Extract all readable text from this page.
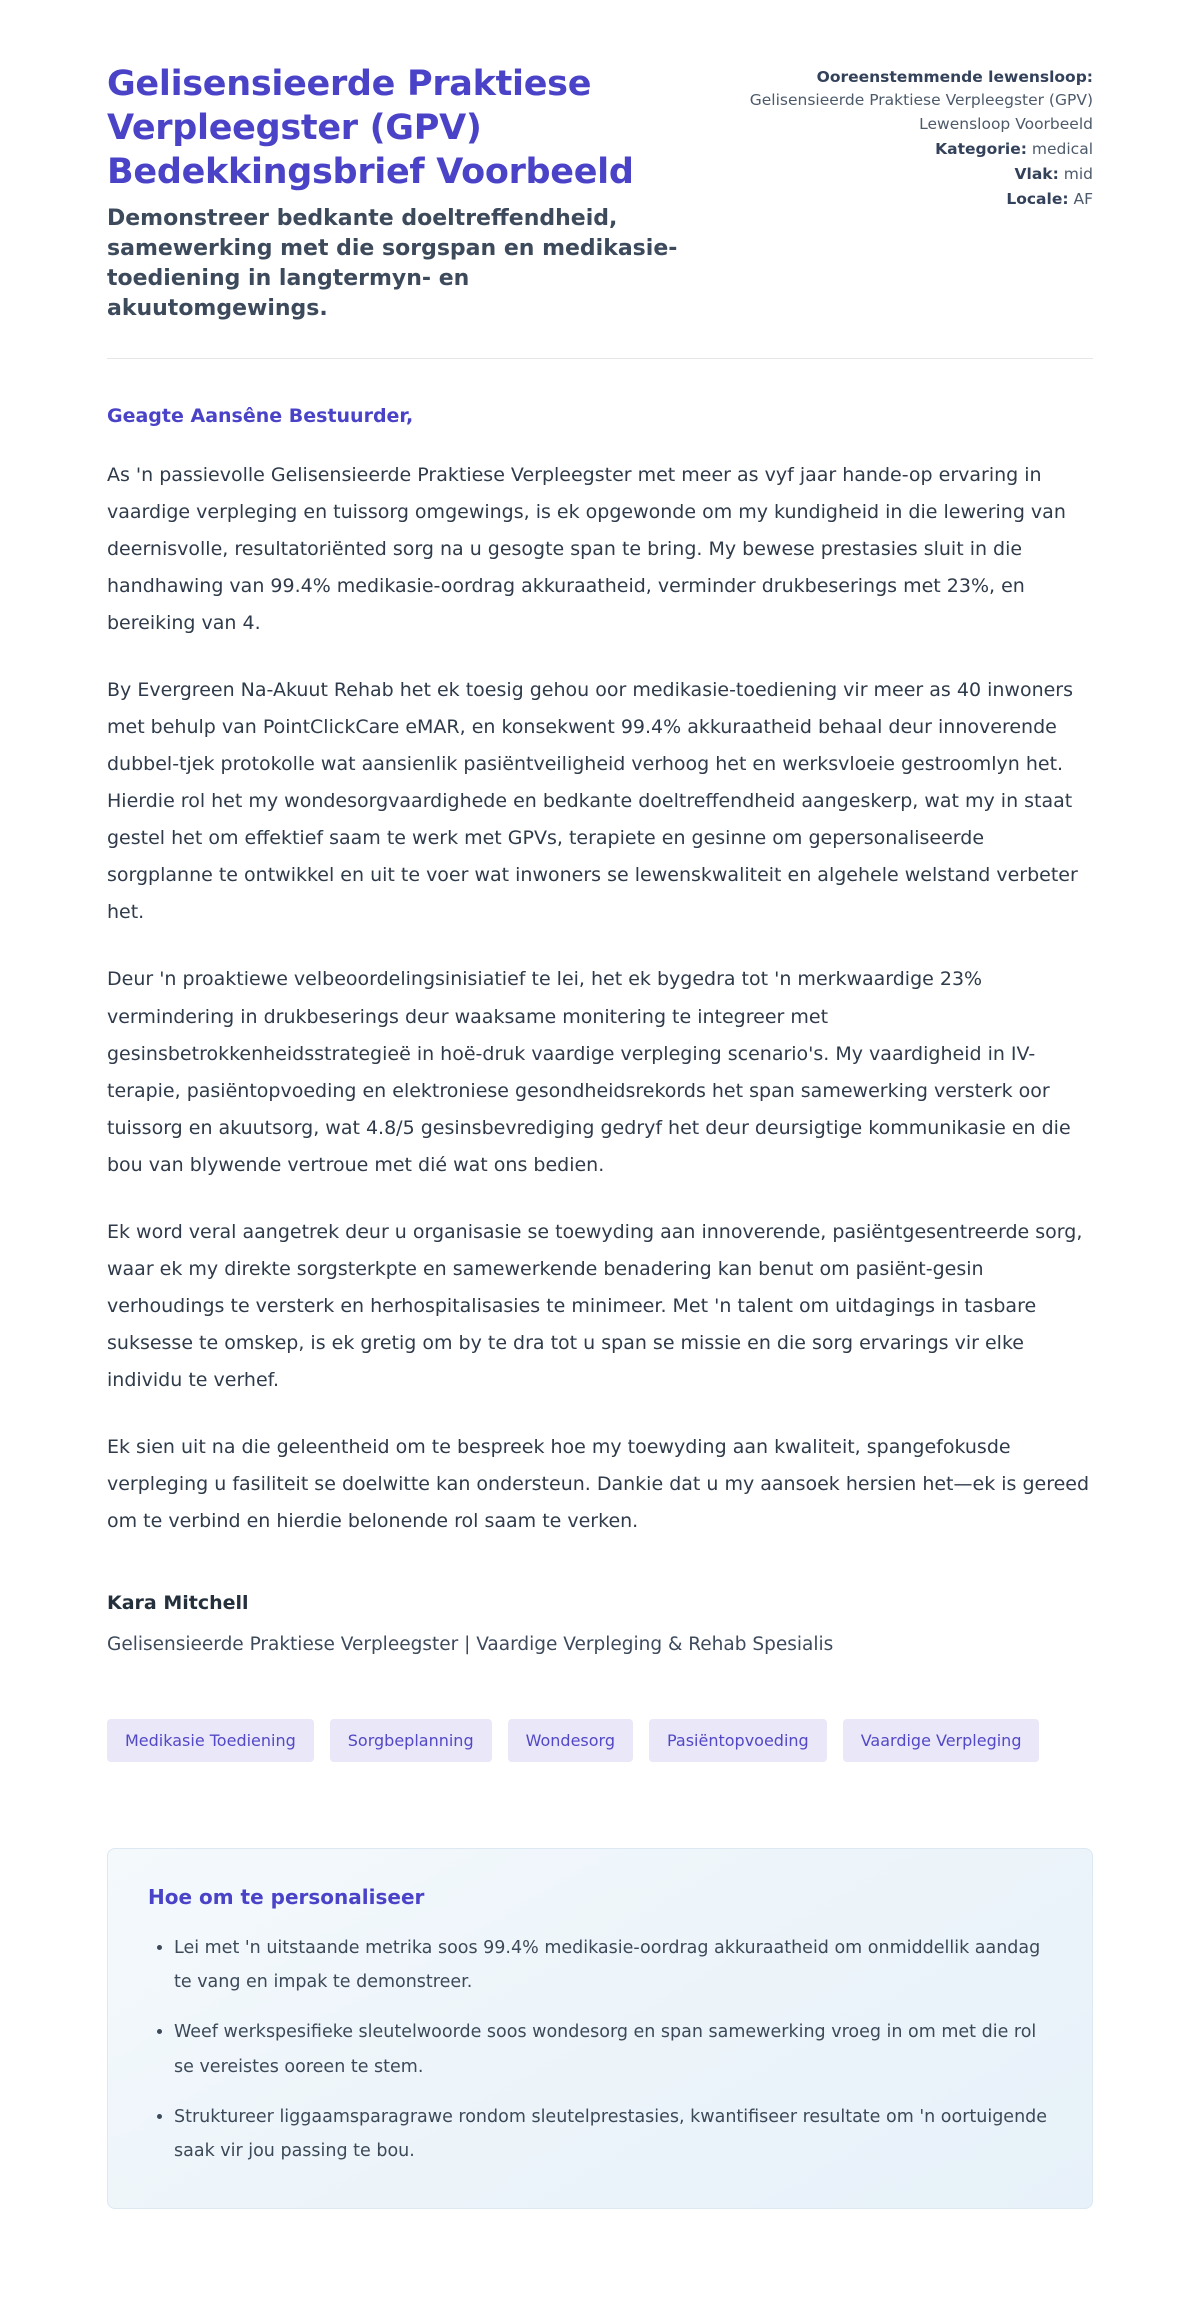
Gelisensieerde Praktiese Verpleegster (GPV) Bedekkingsbrief Voorbeeld

Demonstreer bedkante doeltreffendheid, samewerking met die sorgspan en medikasie-toediening in langtermyn- en akuutomgewings.

Ooreenstemmende lewensloop: Gelisensieerde Praktiese Verpleegster (GPV) Lewensloop Voorbeeld
Kategorie: medical
Vlak: mid
Locale: AF

Geagte Aansêne Bestuurder,

As 'n passievolle Gelisensieerde Praktiese Verpleegster met meer as vyf jaar hande-op ervaring in vaardige verpleging en tuissorg omgewings, is ek opgewonde om my kundigheid in die lewering van deernisvolle, resultatoriënted sorg na u gesogte span te bring. My bewese prestasies sluit in die handhawing van 99.4% medikasie-oordrag akkuraatheid, verminder drukbeserings met 23%, en bereiking van 4.

By Evergreen Na-Akuut Rehab het ek toesig gehou oor medikasie-toediening vir meer as 40 inwoners met behulp van PointClickCare eMAR, en konsekwent 99.4% akkuraatheid behaal deur innoverende dubbel-tjek protokolle wat aansienlik pasiëntveiligheid verhoog het en werksvloeie gestroomlyn het. Hierdie rol het my wondesorgvaardighede en bedkante doeltreffendheid aangeskerp, wat my in staat gestel het om effektief saam te werk met GPVs, terapiete en gesinne om gepersonaliseerde sorgplanne te ontwikkel en uit te voer wat inwoners se lewenskwaliteit en algehele welstand verbeter het.

Deur 'n proaktiewe velbeoordelingsinisiatief te lei, het ek bygedra tot 'n merkwaardige 23% vermindering in drukbeserings deur waaksame monitering te integreer met gesinsbetrokkenheidsstrategieë in hoë-druk vaardige verpleging scenario's. My vaardigheid in IV-terapie, pasiëntopvoeding en elektroniese gesondheidsrekords het span samewerking versterk oor tuissorg en akuutsorg, wat 4.8/5 gesinsbevrediging gedryf het deur deursigtige kommunikasie en die bou van blywende vertroue met dié wat ons bedien.

Ek word veral aangetrek deur u organisasie se toewyding aan innoverende, pasiëntgesentreerde sorg, waar ek my direkte sorgsterkpte en samewerkende benadering kan benut om pasiënt-gesin verhoudings te versterk en herhospitalisasies te minimeer. Met 'n talent om uitdagings in tasbare suksesse te omskep, is ek gretig om by te dra tot u span se missie en die sorg ervarings vir elke individu te verhef.

Ek sien uit na die geleentheid om te bespreek hoe my toewyding aan kwaliteit, spangefokusde verpleging u fasiliteit se doelwitte kan ondersteun. Dankie dat u my aansoek hersien het—ek is gereed om te verbind en hierdie belonende rol saam te verken.

Kara Mitchell

Gelisensieerde Praktiese Verpleegster | Vaardige Verpleging & Rehab Spesialis

Medikasie Toediening	Sorgbeplanning	Wondesorg	Pasiëntopvoeding	Vaardige Verpleging
Hoe om te personaliseer
• Lei met 'n uitstaande metrika soos 99.4% medikasie-oordrag akkuraatheid om onmiddellik aandag te vang en impak te demonstreer.
• Weef werkspesifieke sleutelwoorde soos wondesorg en span samewerking vroeg in om met die rol se vereistes ooreen te stem.
• Struktureer liggaamsparagrawe rondom sleutelprestasies, kwantifiseer resultate om 'n oortuigende saak vir jou passing te bou.
